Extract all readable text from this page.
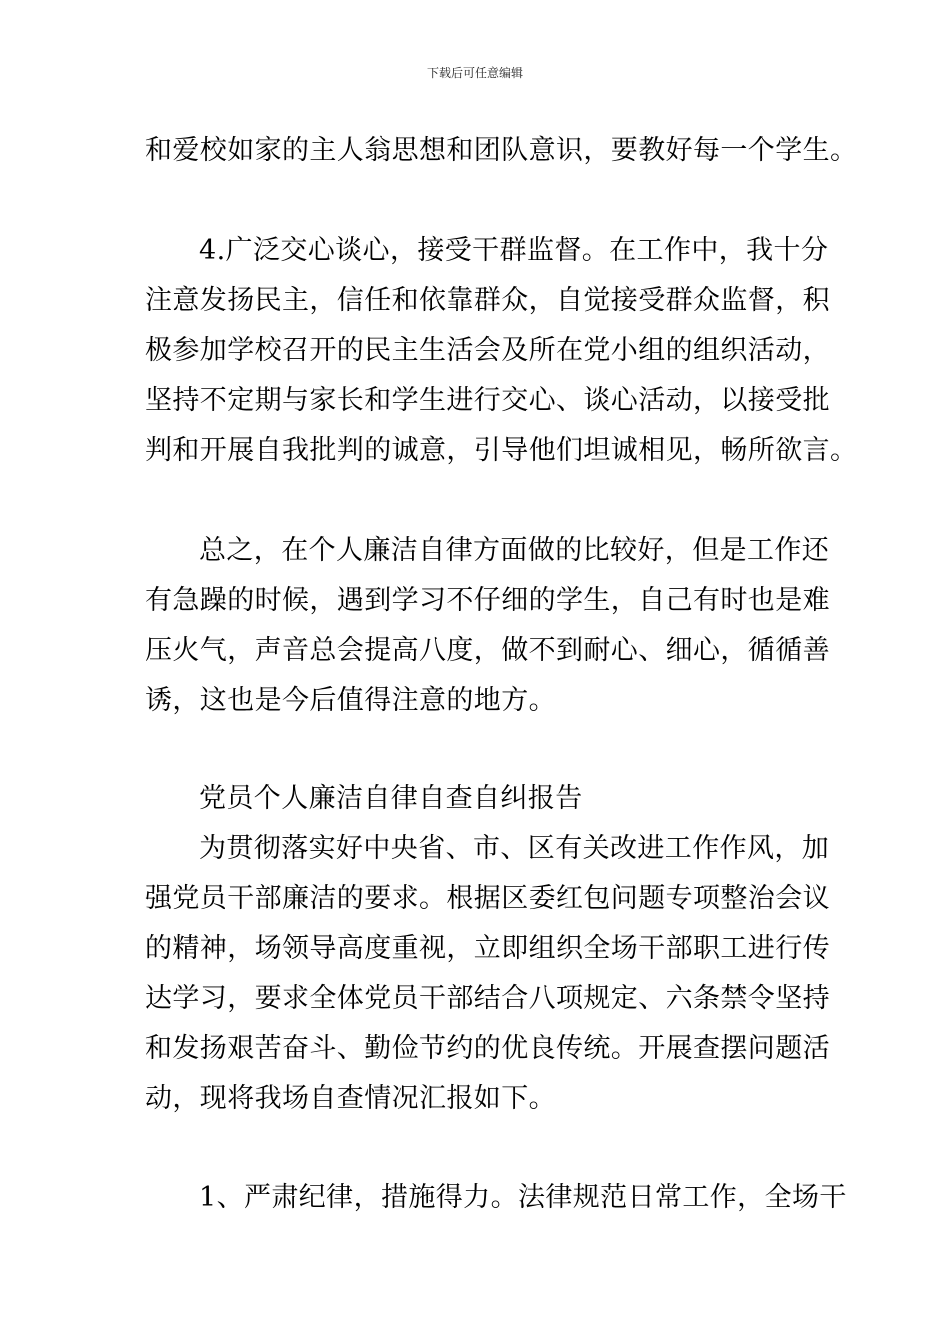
下载后可任意编辑
和爱校如家的主人翁思想和团队意识，要教好每一个学生。
4.广泛交心谈心，接受干群监督。在工作中，我十分
注意发扬民主，信任和依靠群众，自觉接受群众监督，积
极参加学校召开的民主生活会及所在党小组的组织活动，
坚持不定期与家长和学生进行交心、谈心活动，以接受批
判和开展自我批判的诚意，引导他们坦诚相见，畅所欲言。
总之，在个人廉洁自律方面做的比较好，但是工作还
有急躁的时候，遇到学习不仔细的学生，自己有时也是难
压火气，声音总会提高八度，做不到耐心、细心，循循善
诱，这也是今后值得注意的地方。
党员个人廉洁自律自查自纠报告
为贯彻落实好中央省、市、区有关改进工作作风，加
强党员干部廉洁的要求。根据区委红包问题专项整治会议
的精神，场领导高度重视，立即组织全场干部职工进行传
达学习，要求全体党员干部结合八项规定、六条禁令坚持
和发扬艰苦奋斗、勤俭节约的优良传统。开展查摆问题活
动，现将我场自查情况汇报如下。
1、严肃纪律，措施得力。法律规范日常工作，全场干
